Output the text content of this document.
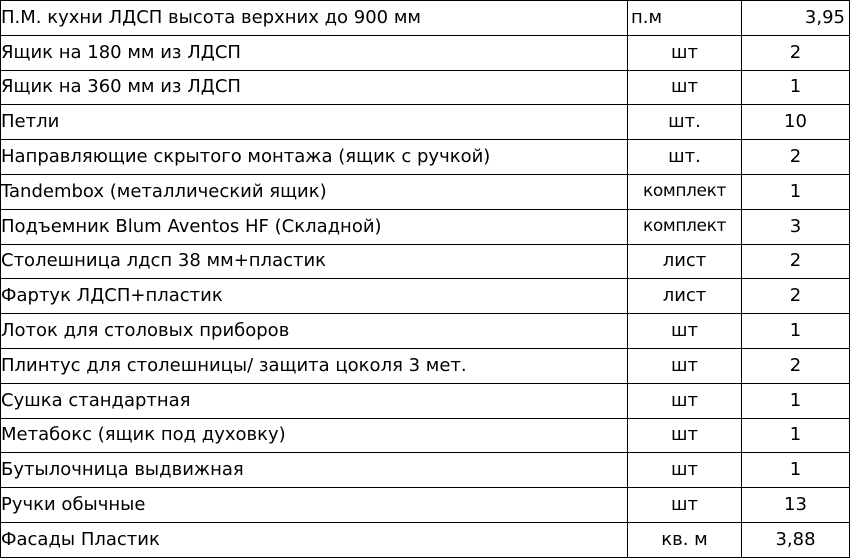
П.М. кухни ЛДСП высота верхних до 900 мм	п.м	3,95
Ящик на 180 мм из ЛДСП	шт	2
Ящик на 360 мм из ЛДСП	шт	1
Петли	шт.	10
Направляющие скрытого монтажа (ящик с ручкой)	шт.	2
Tandembox (металлический ящик)	комплект	1
Подъемник Blum Aventos HF (Складной)	комплект	3
Столешница лдсп 38 мм+пластик	лист	2
Фартук ЛДСП+пластик	лист	2
Лоток для столовых приборов	шт	1
Плинтус для столешницы/ защита цоколя 3 мет.	шт	2
Сушка стандартная	шт	1
Метабокс (ящик под духовку)	шт	1
Бутылочница выдвижная	шт	1
Ручки обычные	шт	13
Фасады Пластик	кв. м	3,88
